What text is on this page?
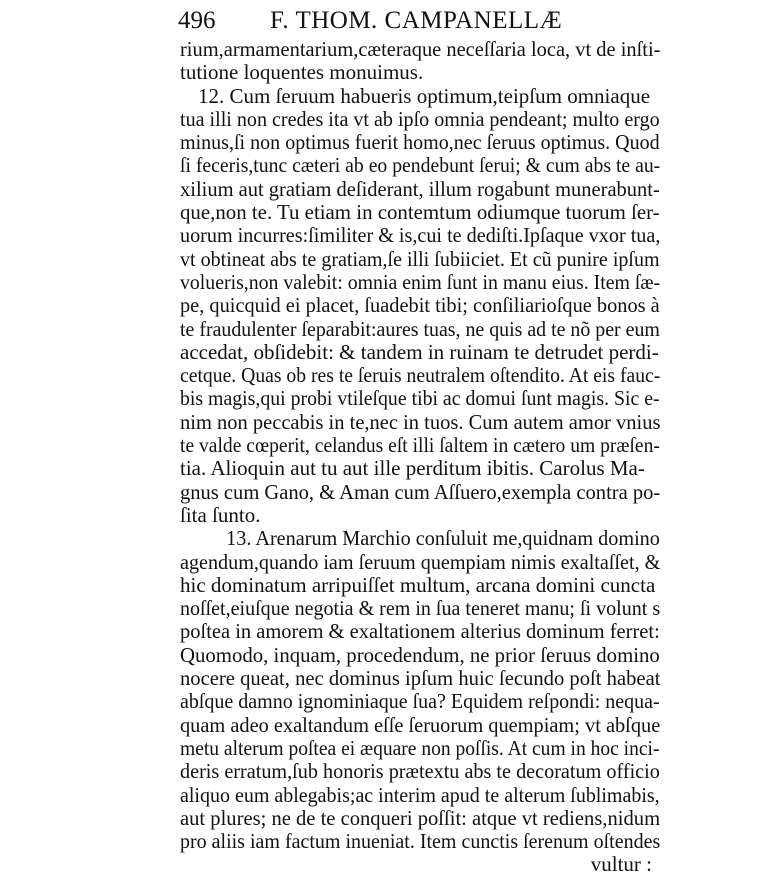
496 F. THOM. CAMPANELLÆ
rium,armamentarium,cæteraque neceſſaria loca, vt de inſti-
tutione loquentes monuimus.
12. Cum ſeruum habueris optimum,teipſum omniaque
tua illi non credes ita vt ab ipſo omnia pendeant; multo ergo
minus,ſi non optimus fuerit homo,nec ſeruus optimus. Quod
ſi feceris,tunc cæteri ab eo pendebunt ſerui; & cum abs te au-
xilium aut gratiam deſiderant, illum rogabunt munerabunt-
que,non te. Tu etiam in contemtum odiumque tuorum ſer-
uorum incurres:ſimiliter & is,cui te dediſti.Ipſaque vxor tua,
vt obtineat abs te gratiam,ſe illi ſubiiciet. Et cũ punire ipſum
volueris,non valebit: omnia enim ſunt in manu eius. Item ſæ-
pe, quicquid ei placet, ſuadebit tibi; conſiliarioſque bonos à
te fraudulenter ſeparabit:aures tuas, ne quis ad te nõ per eum
accedat, obſidebit: & tandem in ruinam te detrudet perdi-
cetque. Quas ob res te ſeruis neutralem oſtendito. At eis fauc-
bis magis,qui probi vtileſque tibi ac domui ſunt magis. Sic e-
nim non peccabis in te,nec in tuos. Cum autem amor vnius
te valde cœperit, celandus eſt illi ſaltem in cætero um præſen-
tia. Alioquin aut tu aut ille perditum ibitis. Carolus Ma-
gnus cum Gano, & Aman cum Aſſuero,exempla contra po-
ſita ſunto.
13. Arenarum Marchio conſuluit me,quidnam domino
agendum,quando iam ſeruum quempiam nimis exaltaſſet, &
hic dominatum arripuiſſet multum, arcana domini cuncta
noſſet,eiuſque negotia & rem in ſua teneret manu; ſi volunt s
poſtea in amorem & exaltationem alterius dominum ferret:
Quomodo, inquam, procedendum, ne prior ſeruus domino
nocere queat, nec dominus ipſum huic ſecundo poſt habeat
abſque damno ignominiaque ſua? Equidem reſpondi: nequa-
quam adeo exaltandum eſſe ſeruorum quempiam; vt abſque
metu alterum poſtea ei æquare non poſſis. At cum in hoc inci-
deris erratum,ſub honoris prætextu abs te decoratum officio
aliquo eum ablegabis;ac interim apud te alterum ſublimabis,
aut plures; ne de te conqueri poſſit: atque vt rediens,nidum
pro aliis iam factum inueniat. Item cunctis ſerenum oſtendes
vultur :
